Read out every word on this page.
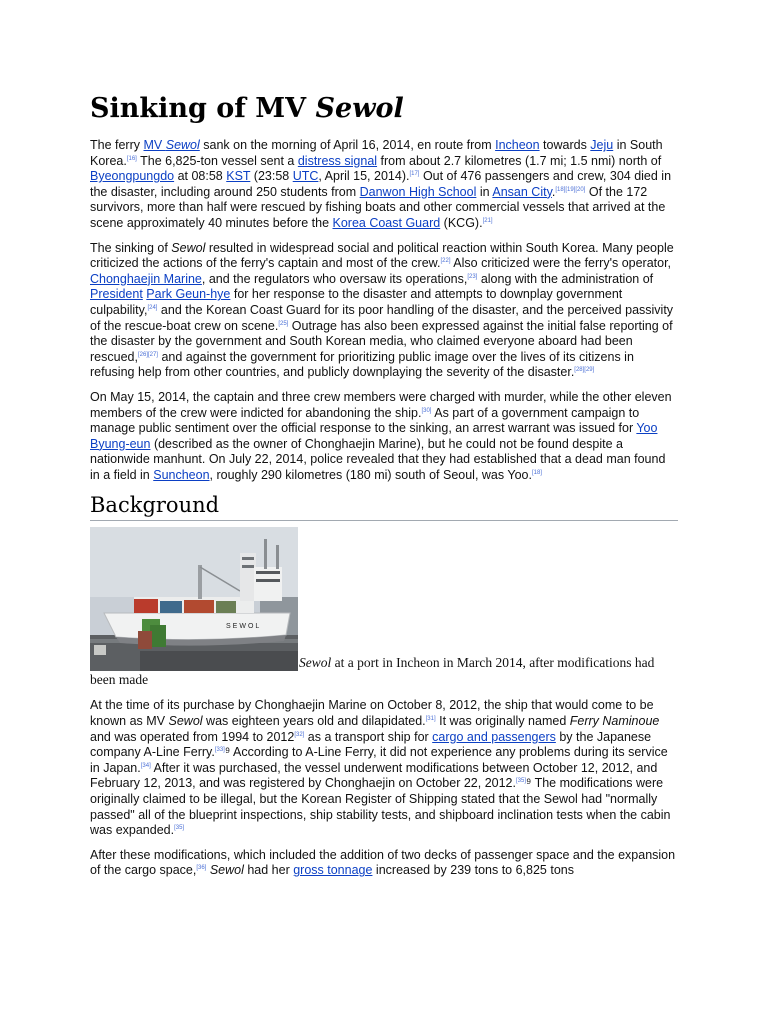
Sinking of MV Sewol

The ferry MV Sewol sank on the morning of April 16, 2014, en route from Incheon towards Jeju in South Korea.[16] The 6,825-ton vessel sent a distress signal from about 2.7 kilometres (1.7 mi; 1.5 nmi) north of Byeongpungdo at 08:58 KST (23:58 UTC, April 15, 2014).[17] Out of 476 passengers and crew, 304 died in the disaster, including around 250 students from Danwon High School in Ansan City.[18][19][20] Of the 172 survivors, more than half were rescued by fishing boats and other commercial vessels that arrived at the scene approximately 40 minutes before the Korea Coast Guard (KCG).[21]

The sinking of Sewol resulted in widespread social and political reaction within South Korea. Many people criticized the actions of the ferry's captain and most of the crew.[22] Also criticized were the ferry's operator, Chonghaejin Marine, and the regulators who oversaw its operations,[23] along with the administration of President Park Geun-hye for her response to the disaster and attempts to downplay government culpability,[24] and the Korean Coast Guard for its poor handling of the disaster, and the perceived passivity of the rescue-boat crew on scene.[25] Outrage has also been expressed against the initial false reporting of the disaster by the government and South Korean media, who claimed everyone aboard had been rescued,[26][27] and against the government for prioritizing public image over the lives of its citizens in refusing help from other countries, and publicly downplaying the severity of the disaster.[28][29]

On May 15, 2014, the captain and three crew members were charged with murder, while the other eleven members of the crew were indicted for abandoning the ship.[30] As part of a government campaign to manage public sentiment over the official response to the sinking, an arrest warrant was issued for Yoo Byung-eun (described as the owner of Chonghaejin Marine), but he could not be found despite a nationwide manhunt. On July 22, 2014, police revealed that they had established that a dead man found in a field in Suncheon, roughly 290 kilometres (180 mi) south of Seoul, was Yoo.[18]

Background
SEWOL
Sewol at a port in Incheon in March 2014, after modifications had been made

At the time of its purchase by Chonghaejin Marine on October 8, 2012, the ship that would come to be known as MV Sewol was eighteen years old and dilapidated.[31] It was originally named Ferry Naminoue and was operated from 1994 to 2012[32] as a transport ship for cargo and passengers by the Japanese company A-Line Ferry.[33]⁹ According to A-Line Ferry, it did not experience any problems during its service in Japan.[34] After it was purchased, the vessel underwent modifications between October 12, 2012, and February 12, 2013, and was registered by Chonghaejin on October 22, 2012.[35]⁹ The modifications were originally claimed to be illegal, but the Korean Register of Shipping stated that the Sewol had "normally passed" all of the blueprint inspections, ship stability tests, and shipboard inclination tests when the cabin was expanded.[35]

After these modifications, which included the addition of two decks of passenger space and the expansion of the cargo space,[36] Sewol had her gross tonnage increased by 239 tons to 6,825 tons
